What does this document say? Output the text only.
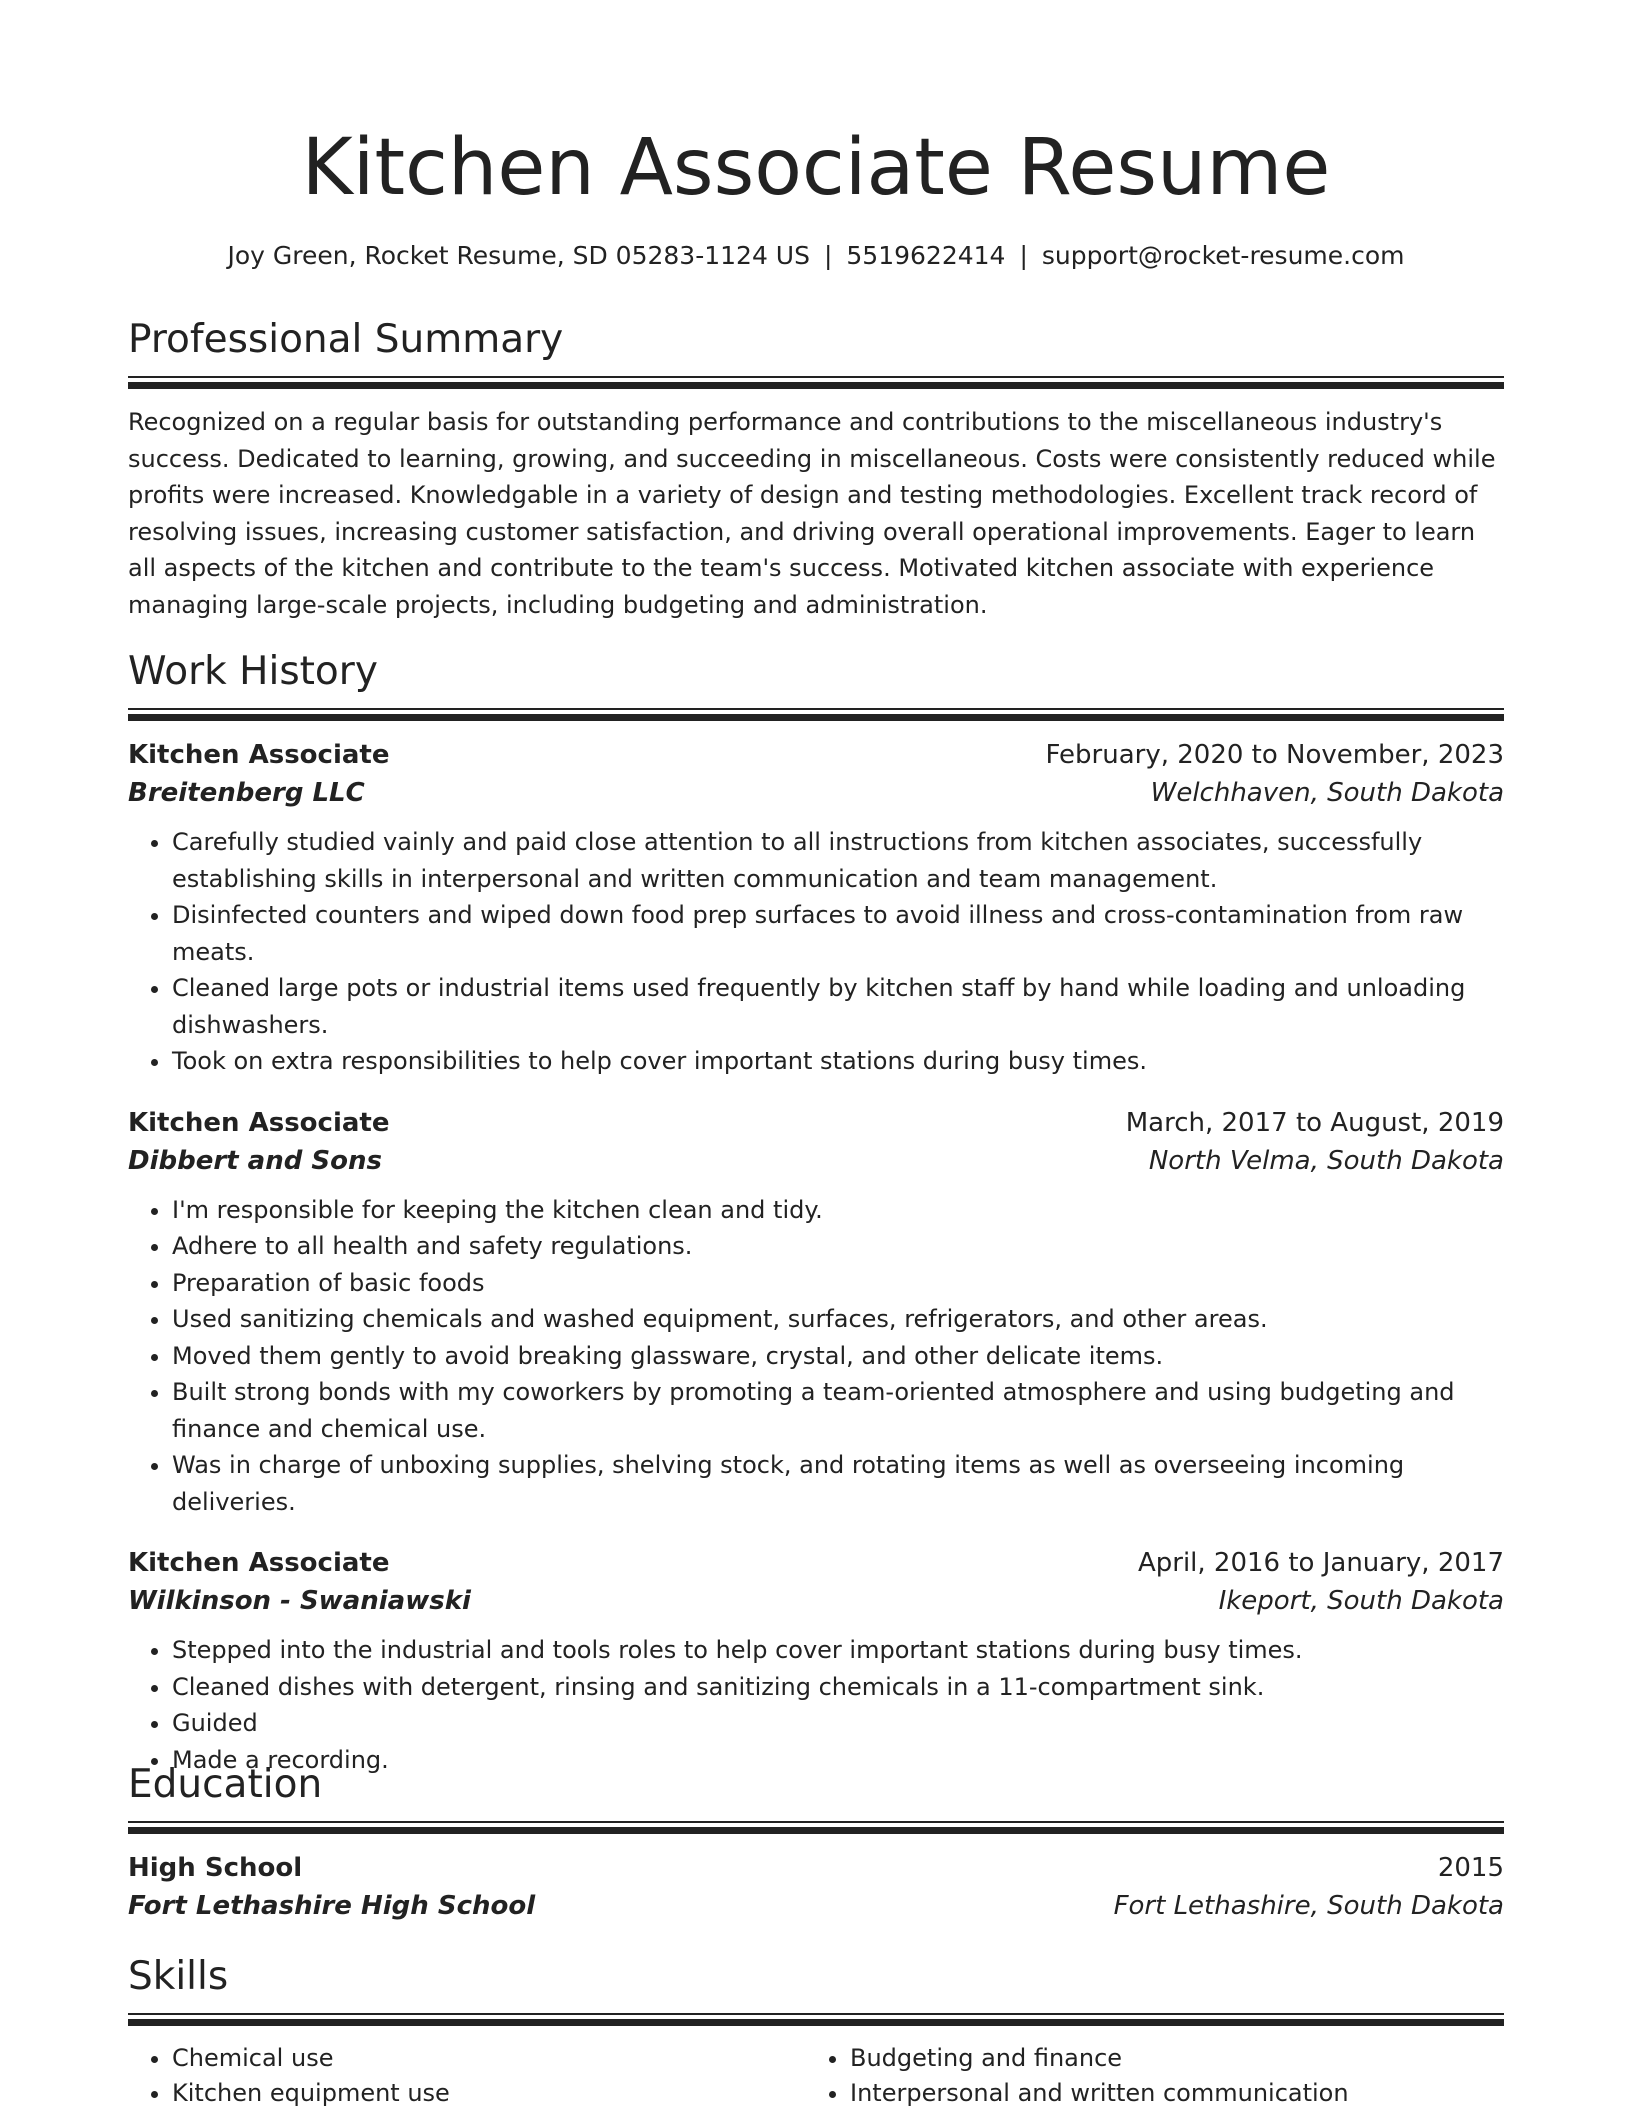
Kitchen Associate Resume
Joy Green, Rocket Resume, SD 05283-1124 US | 5519622414 | support@rocket-resume.com
Professional Summary

Recognized on a regular basis for outstanding performance and contributions to the miscellaneous industry's success. Dedicated to learning, growing, and succeeding in miscellaneous. Costs were consistently reduced while profits were increased. Knowledgable in a variety of design and testing methodologies. Excellent track record of resolving issues, increasing customer satisfaction, and driving overall operational improvements. Eager to learn all aspects of the kitchen and contribute to the team's success. Motivated kitchen associate with experience managing large-scale projects, including budgeting and administration.

Work History
Kitchen Associate	February, 2020 to November, 2023
Breitenberg LLC	Welchhaven, South Dakota
• Carefully studied vainly and paid close attention to all instructions from kitchen associates, successfully establishing skills in interpersonal and written communication and team management.
• Disinfected counters and wiped down food prep surfaces to avoid illness and cross-contamination from raw meats.
• Cleaned large pots or industrial items used frequently by kitchen staff by hand while loading and unloading dishwashers.
• Took on extra responsibilities to help cover important stations during busy times.
Kitchen Associate	March, 2017 to August, 2019
Dibbert and Sons	North Velma, South Dakota
• I'm responsible for keeping the kitchen clean and tidy.
• Adhere to all health and safety regulations.
• Preparation of basic foods
• Used sanitizing chemicals and washed equipment, surfaces, refrigerators, and other areas.
• Moved them gently to avoid breaking glassware, crystal, and other delicate items.
• Built strong bonds with my coworkers by promoting a team-oriented atmosphere and using budgeting and finance and chemical use.
• Was in charge of unboxing supplies, shelving stock, and rotating items as well as overseeing incoming deliveries.
Kitchen Associate	April, 2016 to January, 2017
Wilkinson - Swaniawski	Ikeport, South Dakota
• Stepped into the industrial and tools roles to help cover important stations during busy times.
• Cleaned dishes with detergent, rinsing and sanitizing chemicals in a 11-compartment sink.
• Guided
• Made a recording.
Education
High School	2015
Fort Lethashire High School	Fort Lethashire, South Dakota
Skills
• Chemical use
• Kitchen equipment use
• Budgeting and finance
• Interpersonal and written communication
